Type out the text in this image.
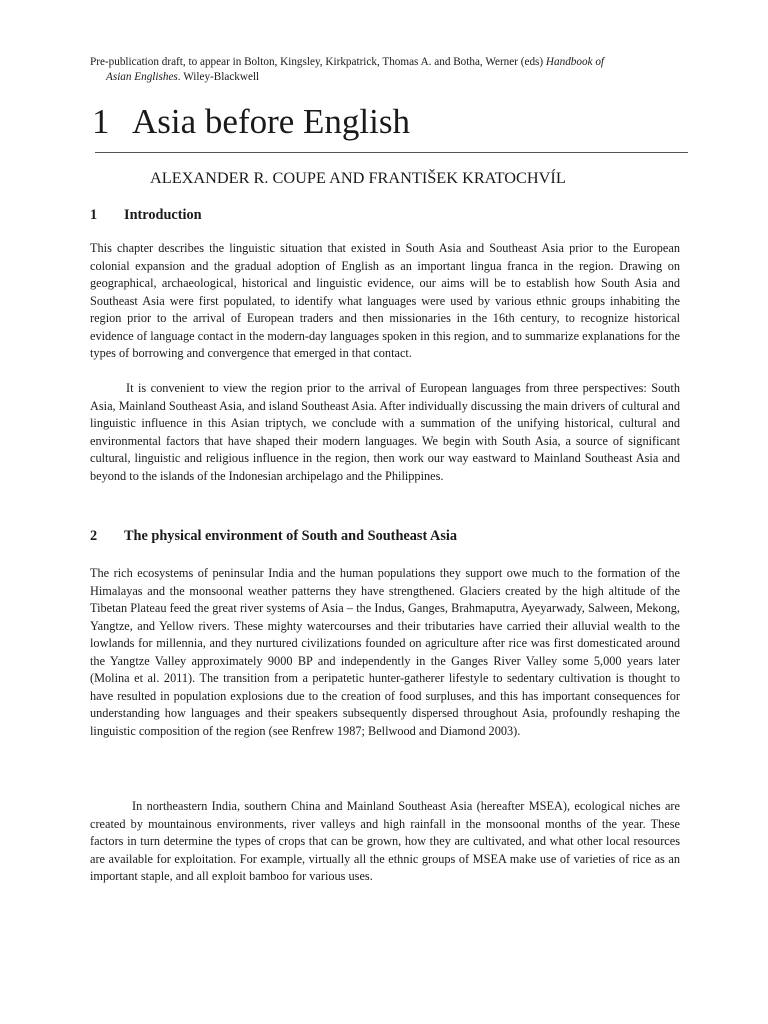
Pre-publication draft, to appear in Bolton, Kingsley, Kirkpatrick, Thomas A. and Botha, Werner (eds) Handbook of
Asian Englishes. Wiley-Blackwell
1 Asia before English
ALEXANDER R. COUPE AND FRANTIŠEK KRATOCHVÍL
1 Introduction

This chapter describes the linguistic situation that existed in South Asia and Southeast Asia prior to the European colonial expansion and the gradual adoption of English as an important lingua franca in the region. Drawing on geographical, archaeological, historical and linguistic evidence, our aims will be to establish how South Asia and Southeast Asia were first populated, to identify what languages were used by various ethnic groups inhabiting the region prior to the arrival of European traders and then missionaries in the 16th century, to recognize historical evidence of language contact in the modern-day languages spoken in this region, and to summarize explanations for the types of borrowing and convergence that emerged in that contact.

It is convenient to view the region prior to the arrival of European languages from three perspectives: South Asia, Mainland Southeast Asia, and island Southeast Asia. After individually discussing the main drivers of cultural and linguistic influence in this Asian triptych, we conclude with a summation of the unifying historical, cultural and environmental factors that have shaped their modern languages. We begin with South Asia, a source of significant cultural, linguistic and religious influence in the region, then work our way eastward to Mainland Southeast Asia and beyond to the islands of the Indonesian archipelago and the Philippines.

2 The physical environment of South and Southeast Asia

The rich ecosystems of peninsular India and the human populations they support owe much to the formation of the Himalayas and the monsoonal weather patterns they have strengthened. Glaciers created by the high altitude of the Tibetan Plateau feed the great river systems of Asia – the Indus, Ganges, Brahmaputra, Ayeyarwady, Salween, Mekong, Yangtze, and Yellow rivers. These mighty watercourses and their tributaries have carried their alluvial wealth to the lowlands for millennia, and they nurtured civilizations founded on agriculture after rice was first domesticated around the Yangtze Valley approximately 9000 BP and independently in the Ganges River Valley some 5,000 years later (Molina et al. 2011). The transition from a peripatetic hunter-gatherer lifestyle to sedentary cultivation is thought to have resulted in population explosions due to the creation of food surpluses, and this has important consequences for understanding how languages and their speakers subsequently dispersed throughout Asia, profoundly reshaping the linguistic composition of the region (see Renfrew 1987; Bellwood and Diamond 2003).

In northeastern India, southern China and Mainland Southeast Asia (hereafter MSEA), ecological niches are created by mountainous environments, river valleys and high rainfall in the monsoonal months of the year. These factors in turn determine the types of crops that can be grown, how they are cultivated, and what other local resources are available for exploitation. For example, virtually all the ethnic groups of MSEA make use of varieties of rice as an important staple, and all exploit bamboo for various uses.
